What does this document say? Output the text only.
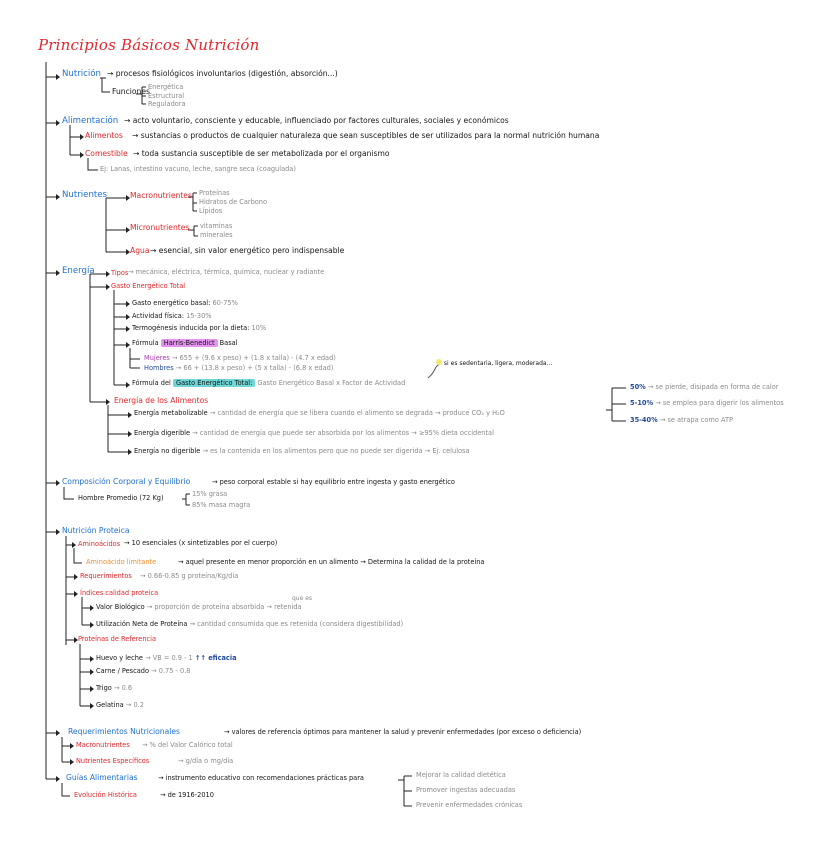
Principios Básicos Nutrición
Nutrición → procesos fisiológicos involuntarios (digestión, absorción...)
Funciones
Energética
Estructural
Reguladora
Alimentación → acto voluntario, consciente y educable, influenciado por factores culturales, sociales y económicos
Alimentos → sustancias o productos de cualquier naturaleza que sean susceptibles de ser utilizados para la normal nutrición humana
Comestible → toda sustancia susceptible de ser metabolizada por el organismo
Ej: Lanas, intestino vacuno, leche, sangre seca (coagulada)
Nutrientes	Macronutrientes Proteínas
Hidratos de Carbono
Lípidos
Micronutrientes vitaminas
minerales
Agua → esencial, sin valor energético pero indispensable
Energía Tipos → mecánica, eléctrica, térmica, química, nuclear y radiante
Gasto Energético Total
Gasto energético basal: 60-75%
Actividad física: 15-30%
Termogénesis inducida por la dieta: 10%
Fórmula Harris-Benedict Basal
Mujeres → 655 + (9.6 x peso) + (1.8 x talla) - (4.7 x edad)
Hombres → 66 + (13.8 x peso) + (5 x talla) - (6.8 x edad)
Fórmula del Gasto Energético Total: Gasto Energético Basal x Factor de Actividad
si es sedentaria, ligera, moderada...
Energía de los Alimentos
Energía metabolizable → cantidad de energía que se libera cuando el alimento se degrada → produce CO₂ y H₂O
50% → se pierde, disipada en forma de calor
5-10% → se emplea para digerir los alimentos
35-40% → se atrapa como ATP
Energía digerible → cantidad de energía que puede ser absorbida por los alimentos → ≥95% dieta occidental
Energía no digerible → es la contenida en los alimentos pero que no puede ser digerida → Ej. celulosa
Composición Corporal y Equilibrio	→ peso corporal estable si hay equilibrio entre ingesta y gasto energético
Hombre Promedio (72 Kg)	15% grasa
85% masa magra
Nutrición Proteica
Aminoácidos → 10 esenciales (x sintetizables por el cuerpo)
Aminoácido limitante	→ aquel presente en menor proporción en un alimento → Determina la calidad de la proteína
Requerimientos → 0.66-0.85 g proteína/Kg/día
Índices calidad proteica
Valor Biológico → proporción de proteína absorbida → retenida
que es
Utilización Neta de Proteína → cantidad consumida que es retenida (considera digestibilidad)
Proteínas de Referencia
Huevo y leche → VB = 0.9 - 1 ↑↑ eficacia
Carne / Pescado → 0.75 - 0.8
Trigo → 0.6
Gelatina → 0.2
Requerimientos Nutricionales	→ valores de referencia óptimos para mantener la salud y prevenir enfermedades (por exceso o deficiencia)
Macronutrientes → % del Valor Calórico total
Nutrientes Específicos	→ g/día o mg/día
Guías Alimentarias	→ instrumento educativo con recomendaciones prácticas para	Mejorar la calidad dietética
Promover ingestas adecuadas
Prevenir enfermedades crónicas
Evolución Histórica	→ de 1916-2010
